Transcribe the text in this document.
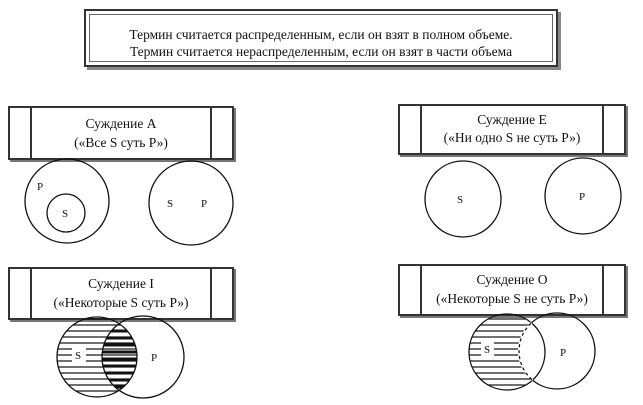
Термин считается распределенным, если он взят в полном объеме.
Термин считается нераспределенным, если он взят в части объема
Суждение А
(«Все S суть Р»)
Суждение Е
(«Ни одно S не суть Р»)
Суждение I
(«Некоторые S суть Р»)
Суждение О
(«Некоторые S не суть Р»)
P
S
S	P	S	P
S	P
S	P
